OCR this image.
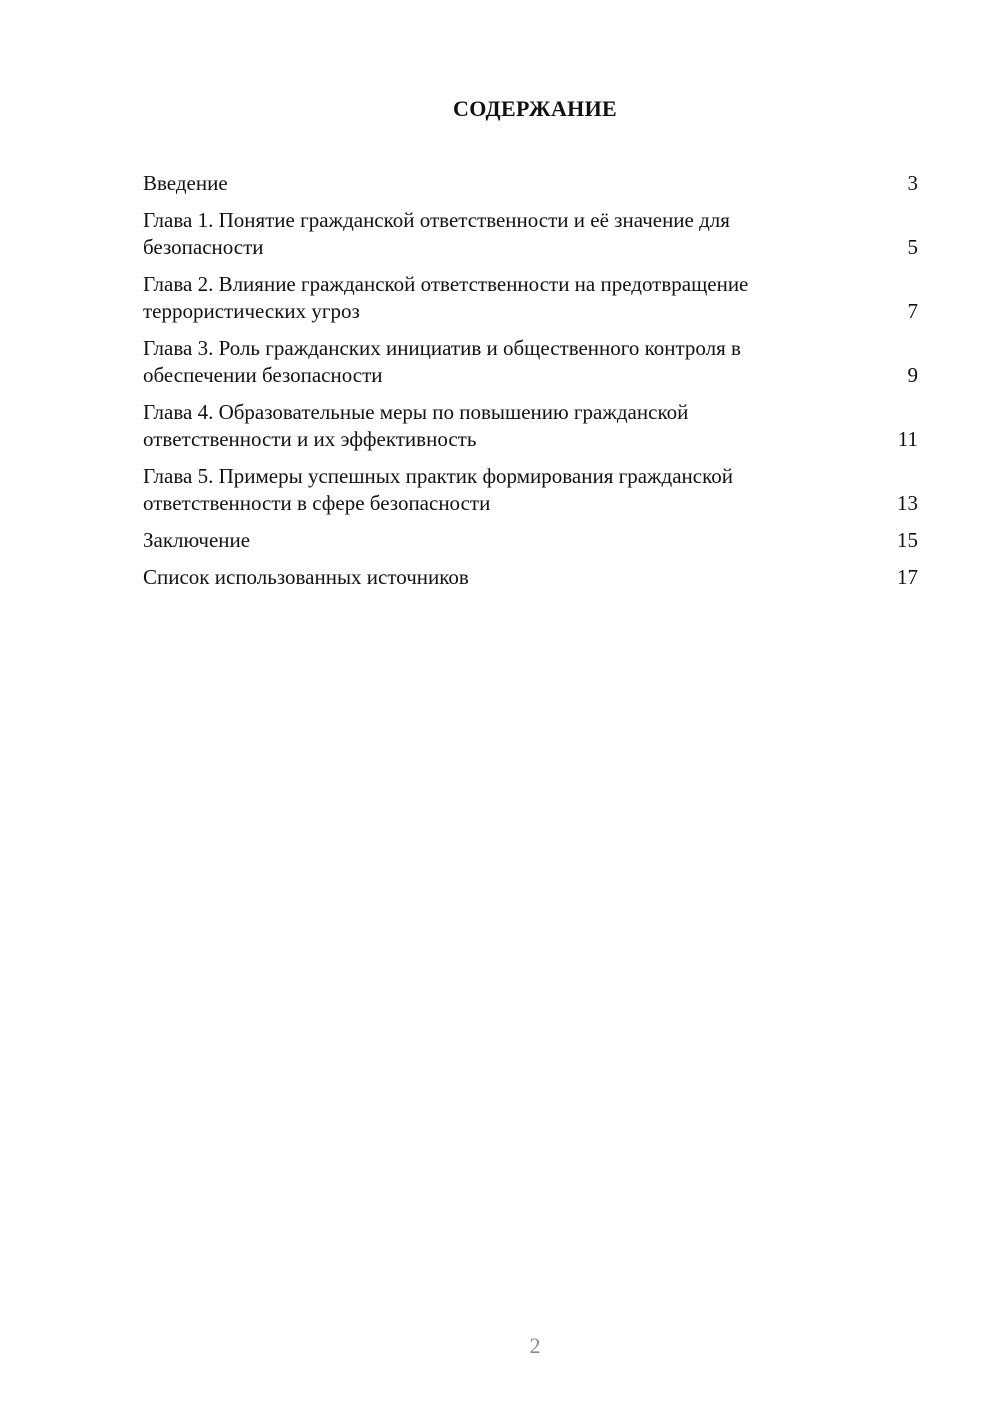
СОДЕРЖАНИЕ
Введение	3
Глава 1. Понятие гражданской ответственности и её значение для безопасности	5
Глава 2. Влияние гражданской ответственности на предотвращение террористических угроз	7
Глава 3. Роль гражданских инициатив и общественного контроля в обеспечении безопасности	9
Глава 4. Образовательные меры по повышению гражданской ответственности и их эффективность	11
Глава 5. Примеры успешных практик формирования гражданской ответственности в сфере безопасности	13
Заключение	15
Список использованных источников	17
2
